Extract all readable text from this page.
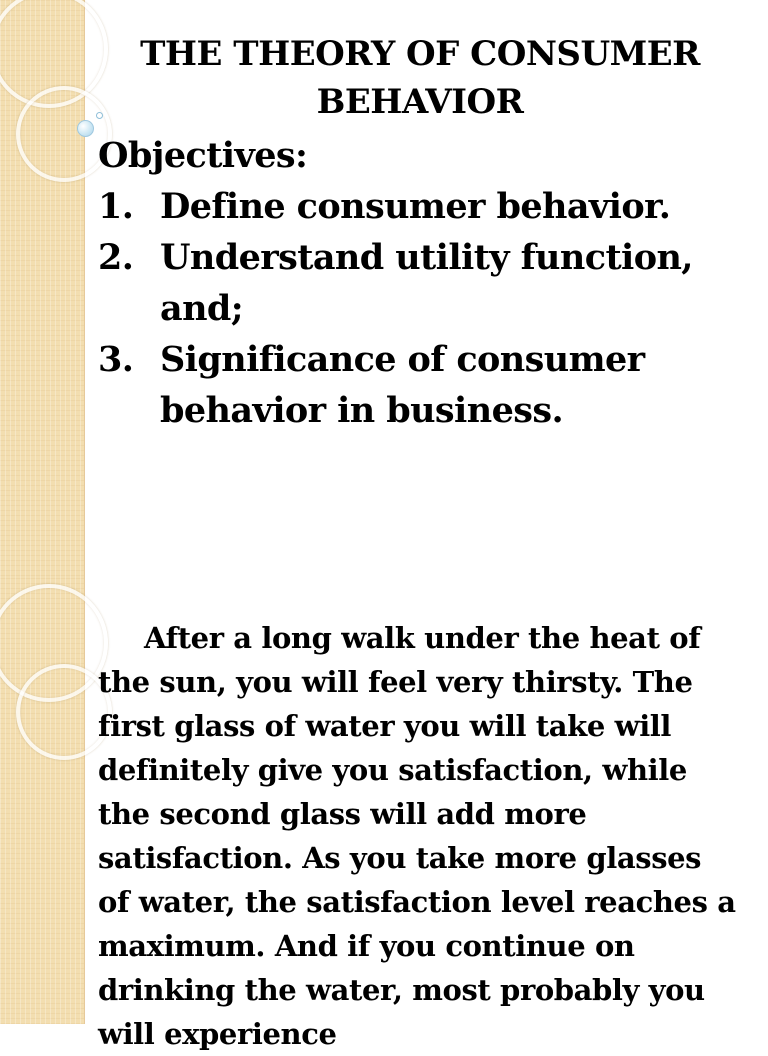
THE THEORY OF CONSUMER BEHAVIOR

Objectives:

1. Define consumer behavior.
2. Understand utility function, and;
3. Significance of consumer behavior in business.

After a long walk under the heat of the sun, you will feel very thirsty. The first glass of water you will take will definitely give you satisfaction, while the second glass will add more satisfaction. As you take more glasses of water, the satisfaction level reaches a maximum. And if you continue on drinking the water, most probably you will experience
